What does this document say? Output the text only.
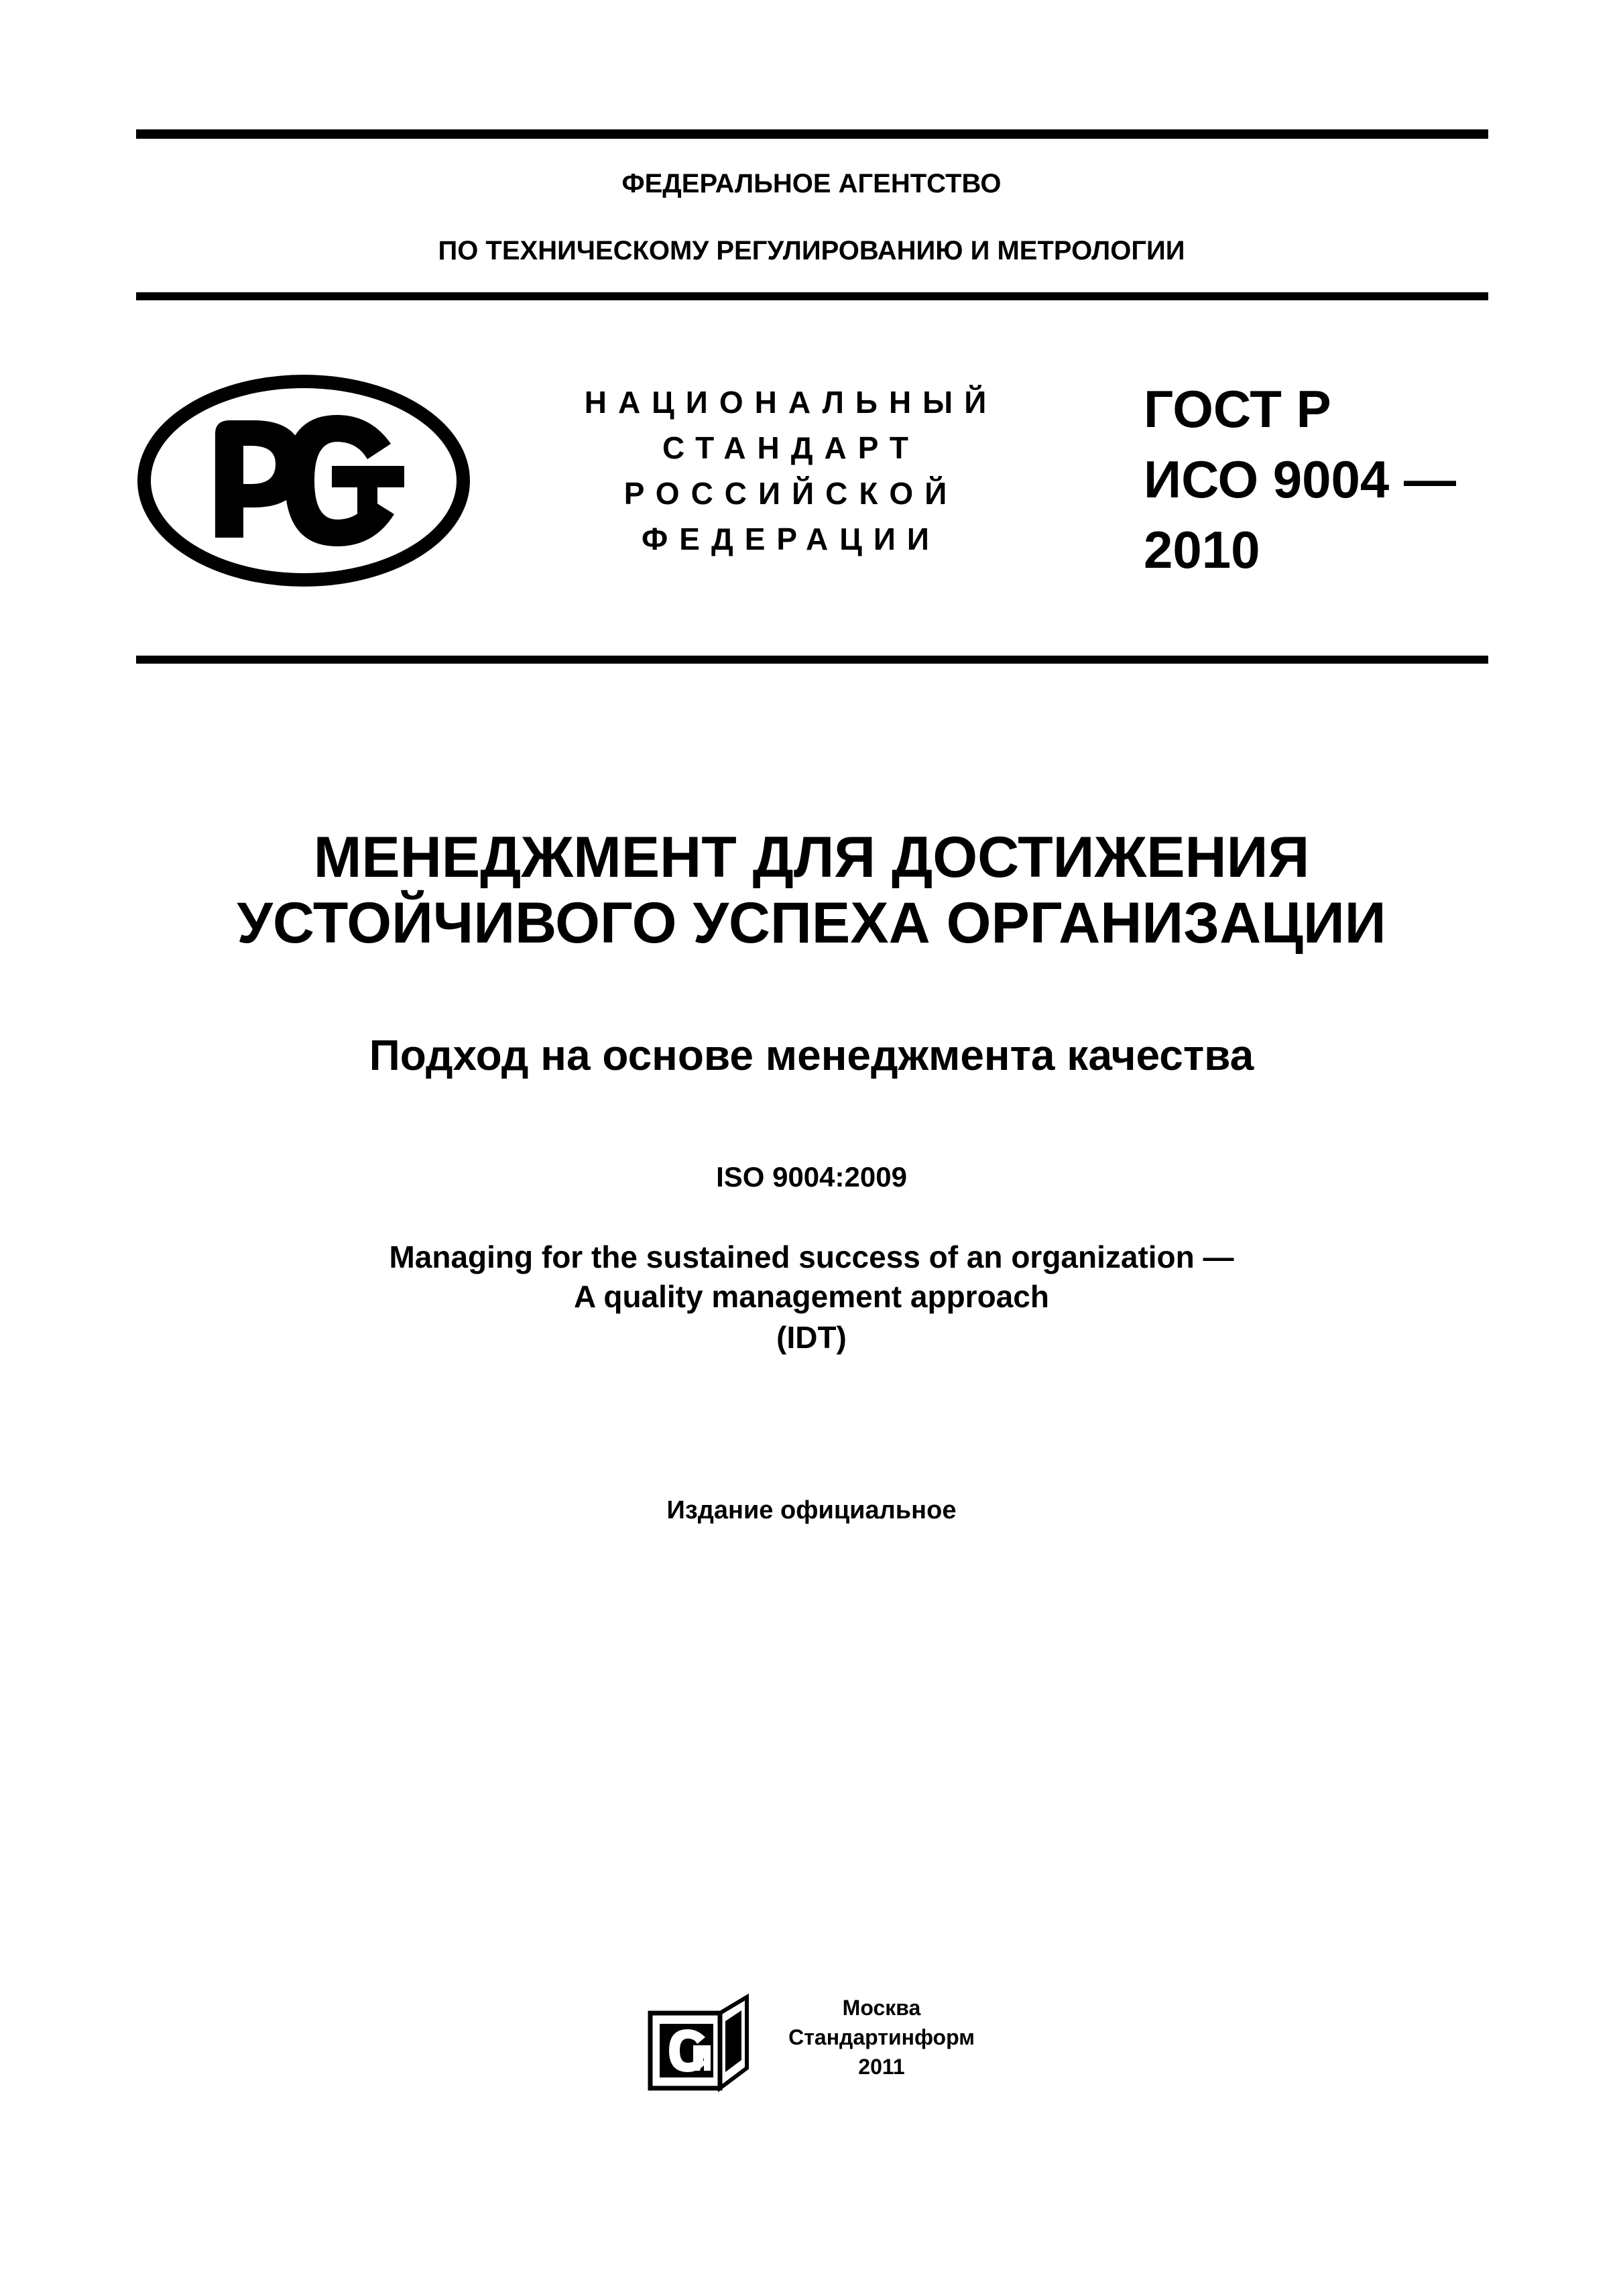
ФЕДЕРАЛЬНОЕ АГЕНТСТВО
ПО ТЕХНИЧЕСКОМУ РЕГУЛИРОВАНИЮ И МЕТРОЛОГИИ
НАЦИОНАЛЬНЫЙ
СТАНДАРТ
РОССИЙСКОЙ
ФЕДЕРАЦИИ
ГОСТ Р
ИСО 9004 —
2010
МЕНЕДЖМЕНТ ДЛЯ ДОСТИЖЕНИЯ
УСТОЙЧИВОГО УСПЕХА ОРГАНИЗАЦИИ
Подход на основе менеджмента качества
ISO 9004:2009
Managing for the sustained success of an organization —
A quality management approach
(IDT)
Издание официальное
Москва
Стандартинформ
2011
